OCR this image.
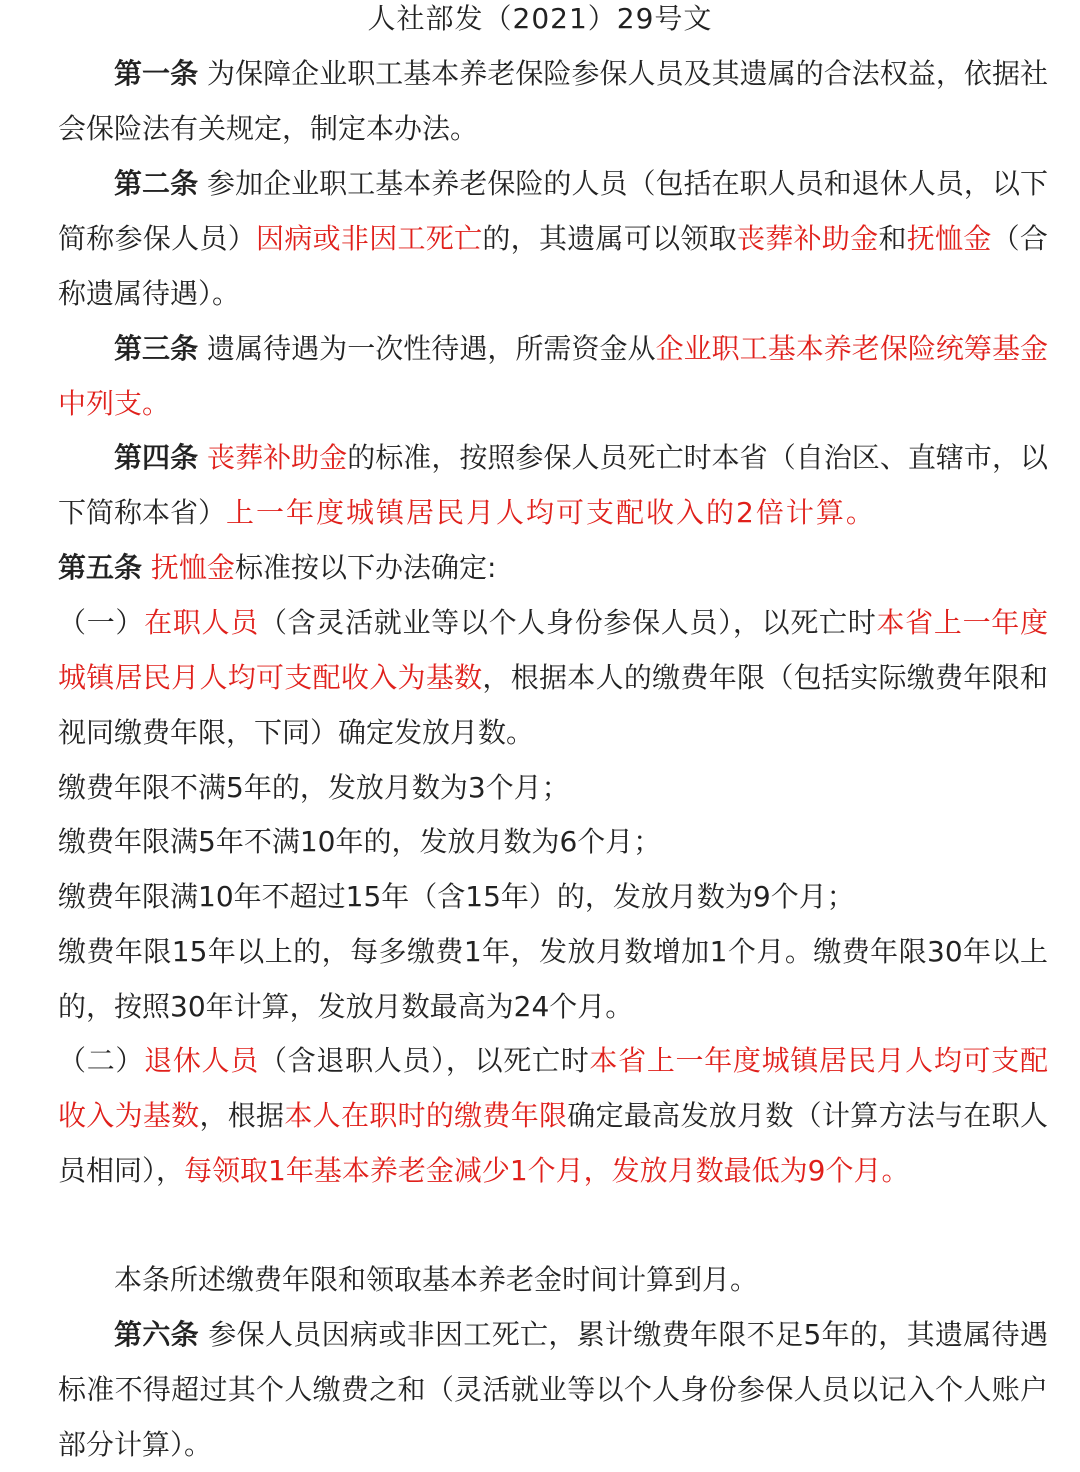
人社部发（2021）29号文
第一条 为保障企业职工基本养老保险参保人员及其遗属的合法权益，依据社会保险法有关规定，制定本办法。
第二条 参加企业职工基本养老保险的人员（包括在职人员和退休人员，以下简称参保人员）因病或非因工死亡的，其遗属可以领取丧葬补助金和抚恤金（合称遗属待遇）。
第三条 遗属待遇为一次性待遇，所需资金从企业职工基本养老保险统筹基金中列支。
第四条 丧葬补助金的标准，按照参保人员死亡时本省（自治区、直辖市，以下简称本省）上一年度城镇居民月人均可支配收入的2倍计算。
第五条 抚恤金标准按以下办法确定:
（一）在职人员（含灵活就业等以个人身份参保人员），以死亡时本省上一年度城镇居民月人均可支配收入为基数，根据本人的缴费年限（包括实际缴费年限和视同缴费年限，下同）确定发放月数。
缴费年限不满5年的，发放月数为3个月；
缴费年限满5年不满10年的，发放月数为6个月；
缴费年限满10年不超过15年（含15年）的，发放月数为9个月；
缴费年限15年以上的，每多缴费1年，发放月数增加1个月。缴费年限30年以上的，按照30年计算，发放月数最高为24个月。
（二）退休人员（含退职人员），以死亡时本省上一年度城镇居民月人均可支配收入为基数，根据本人在职时的缴费年限确定最高发放月数（计算方法与在职人员相同），每领取1年基本养老金减少1个月，发放月数最低为9个月。
本条所述缴费年限和领取基本养老金时间计算到月。
第六条 参保人员因病或非因工死亡，累计缴费年限不足5年的，其遗属待遇标准不得超过其个人缴费之和（灵活就业等以个人身份参保人员以记入个人账户部分计算）。
